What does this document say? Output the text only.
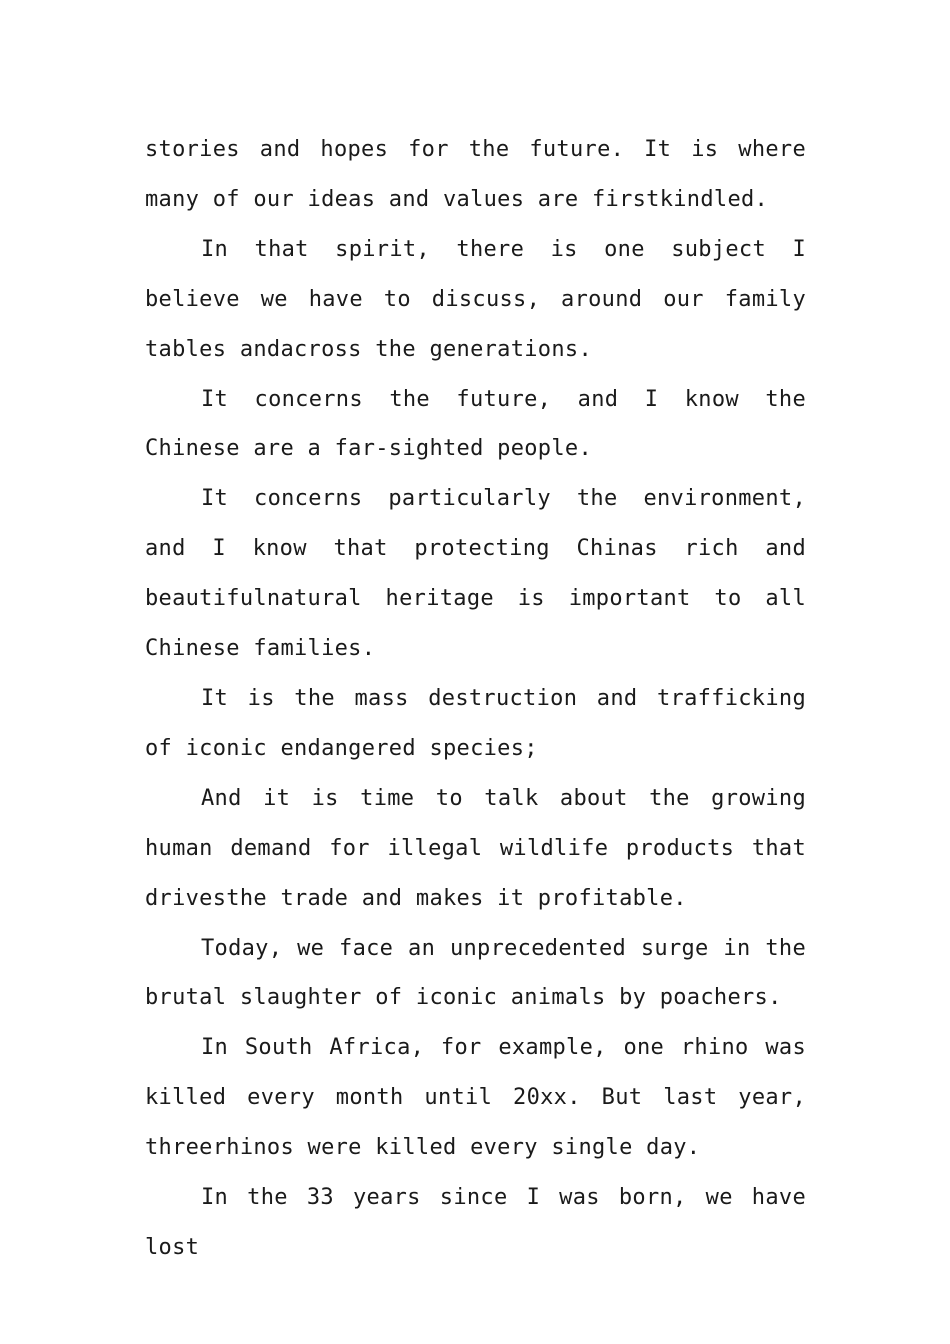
stories and hopes for the future. It is where many of our ideas and values are firstkindled.

In that spirit, there is one subject I believe we have to discuss, around our family tables andacross the generations.

It concerns the future, and I know the Chinese are a far-sighted people.

It concerns particularly the environment, and I know that protecting Chinas rich and beautifulnatural heritage is important to all Chinese families.

It is the mass destruction and trafficking of iconic endangered species;

And it is time to talk about the growing human demand for illegal wildlife products that drivesthe trade and makes it profitable.

Today, we face an unprecedented surge in the brutal slaughter of iconic animals by poachers.

In South Africa, for example, one rhino was killed every month until 20xx. But last year, threerhinos were killed every single day.

In the 33 years since I was born, we have lost
